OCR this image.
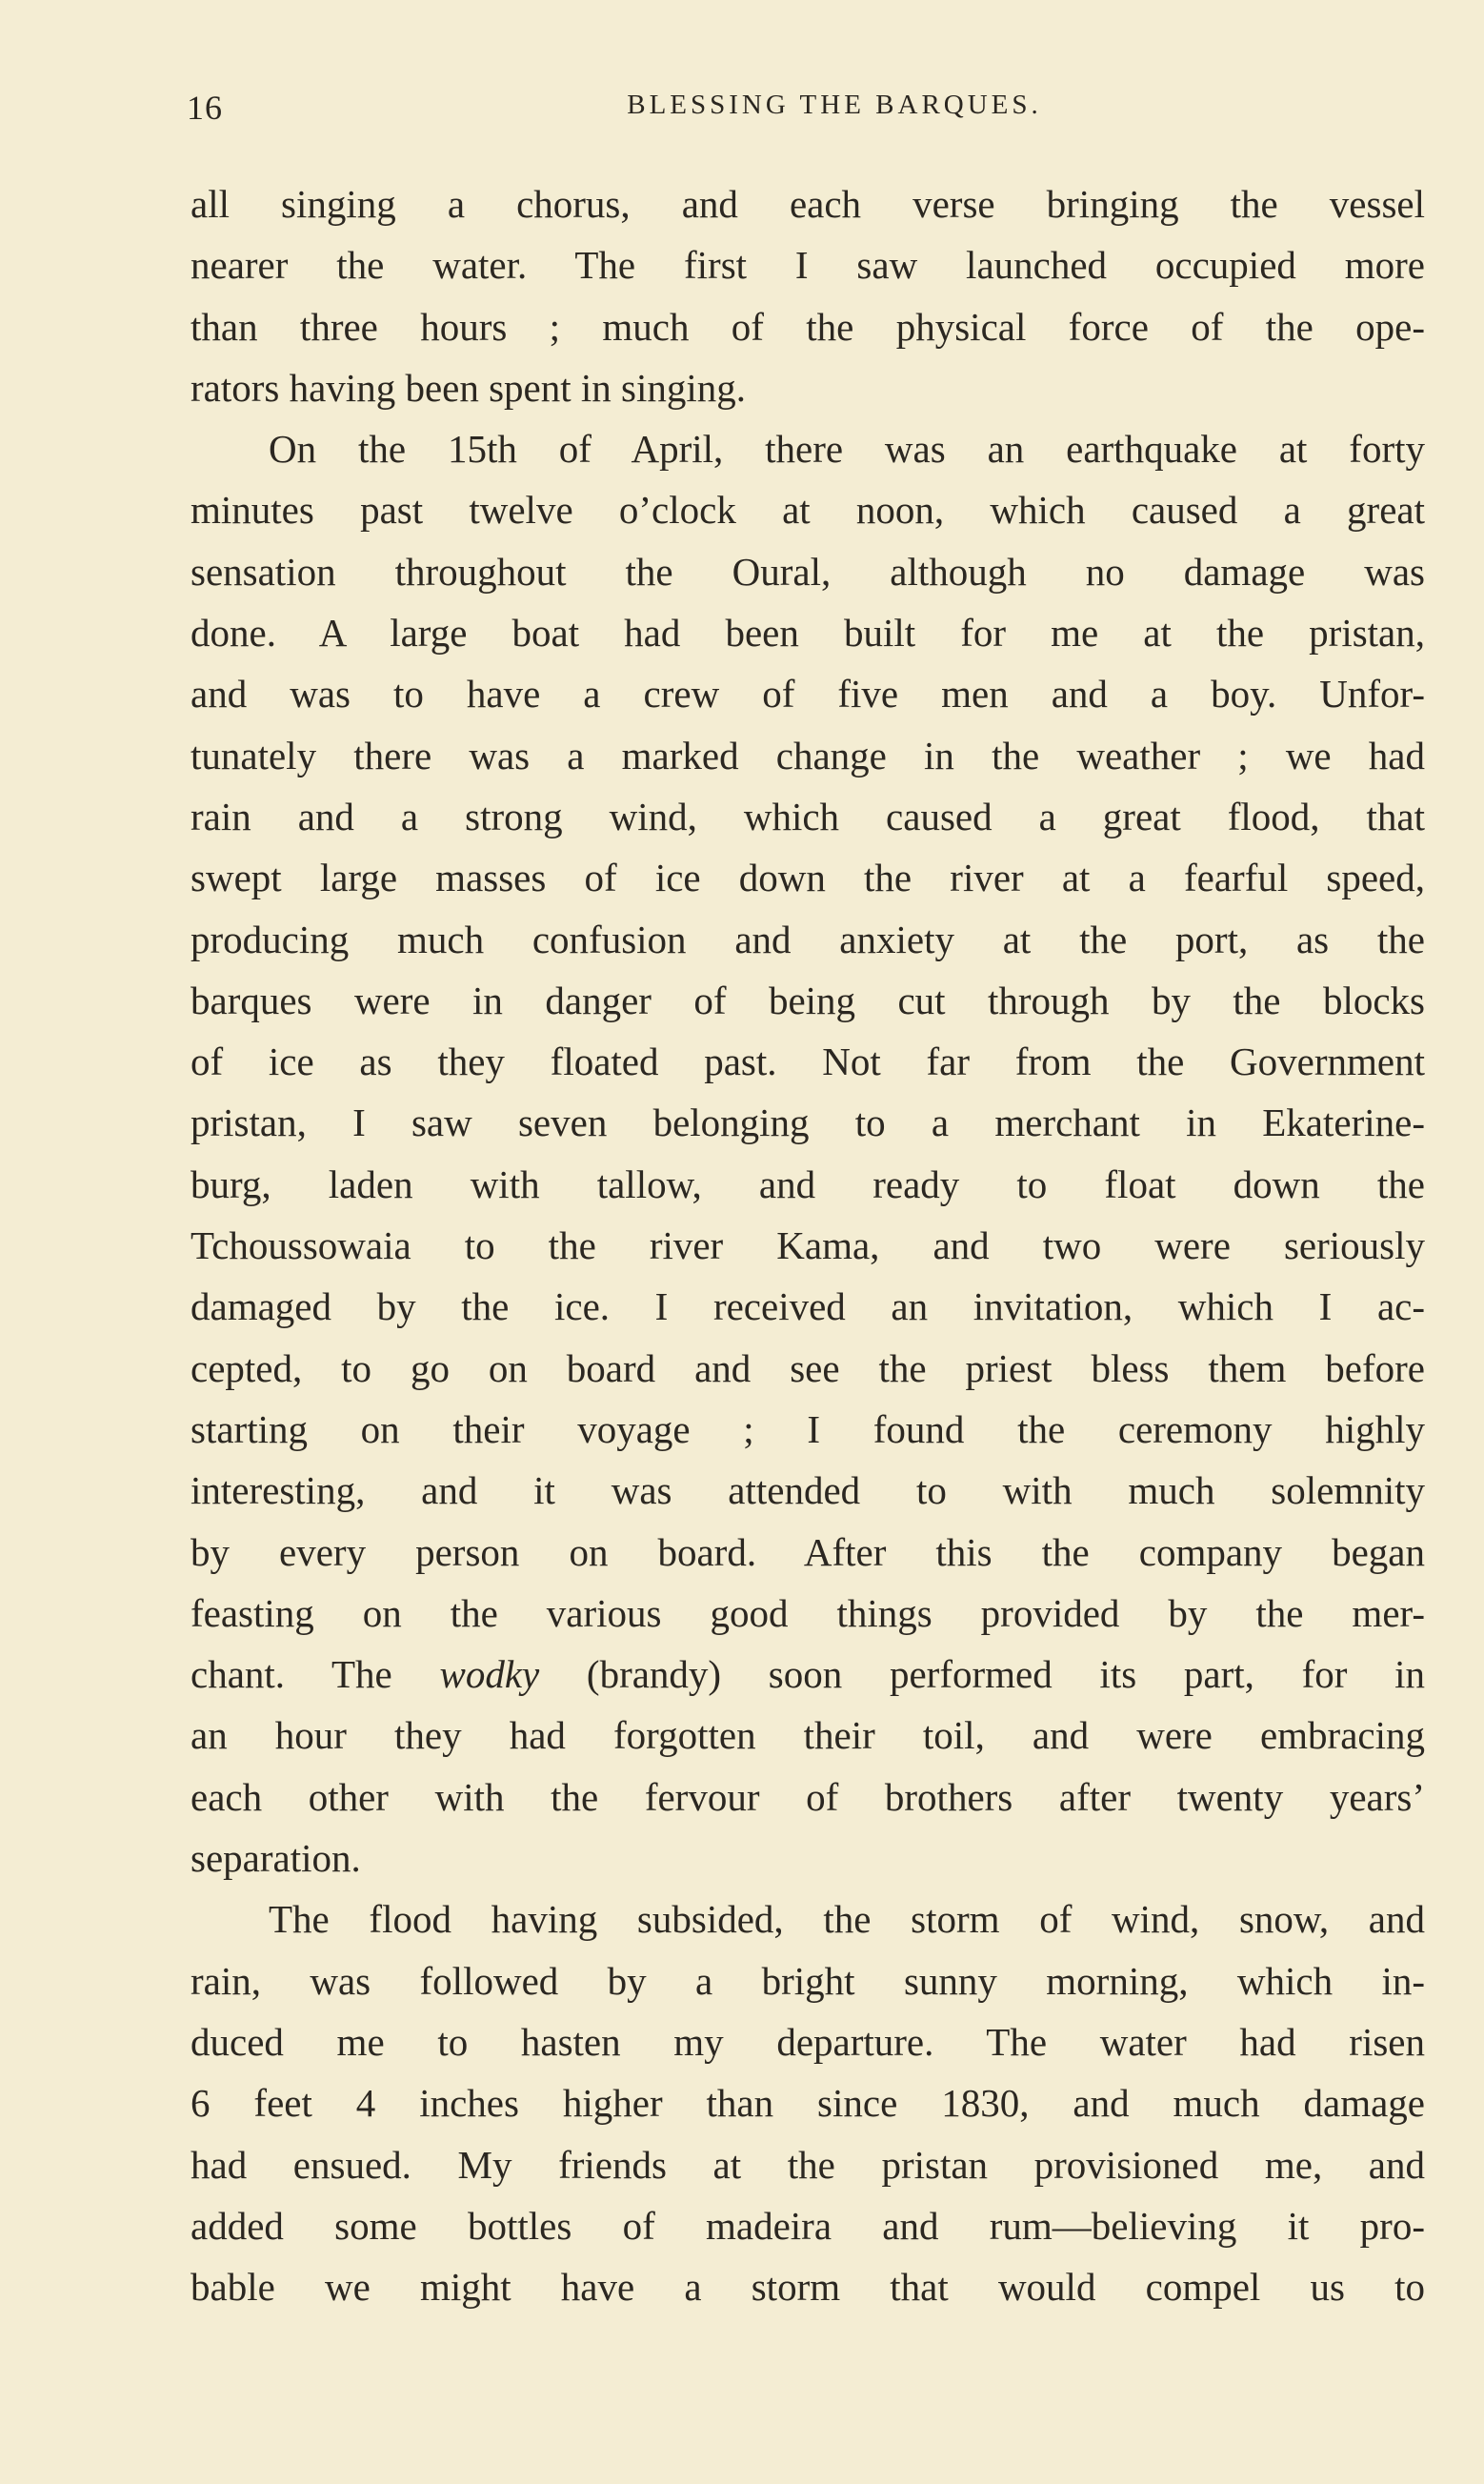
16	BLESSING THE BARQUES.
all singing a chorus, and each verse bringing the vessel
nearer the water. The first I saw launched occupied more
than three hours ; much of the physical force of the ope-
rators having been spent in singing.
On the 15th of April, there was an earthquake at forty
minutes past twelve o’clock at noon, which caused a great
sensation throughout the Oural, although no damage was
done. A large boat had been built for me at the pristan,
and was to have a crew of five men and a boy. Unfor-
tunately there was a marked change in the weather ; we had
rain and a strong wind, which caused a great flood, that
swept large masses of ice down the river at a fearful speed,
producing much confusion and anxiety at the port, as the
barques were in danger of being cut through by the blocks
of ice as they floated past. Not far from the Government
pristan, I saw seven belonging to a merchant in Ekaterine-
burg, laden with tallow, and ready to float down the
Tchoussowaia to the river Kama, and two were seriously
damaged by the ice. I received an invitation, which I ac-
cepted, to go on board and see the priest bless them before
starting on their voyage ; I found the ceremony highly
interesting, and it was attended to with much solemnity
by every person on board. After this the company began
feasting on the various good things provided by the mer-
chant. The wodky (brandy) soon performed its part, for in
an hour they had forgotten their toil, and were embracing
each other with the fervour of brothers after twenty years’
separation.
The flood having subsided, the storm of wind, snow, and
rain, was followed by a bright sunny morning, which in-
duced me to hasten my departure. The water had risen
6 feet 4 inches higher than since 1830, and much damage
had ensued. My friends at the pristan provisioned me, and
added some bottles of madeira and rum—believing it pro-
bable we might have a storm that would compel us to
